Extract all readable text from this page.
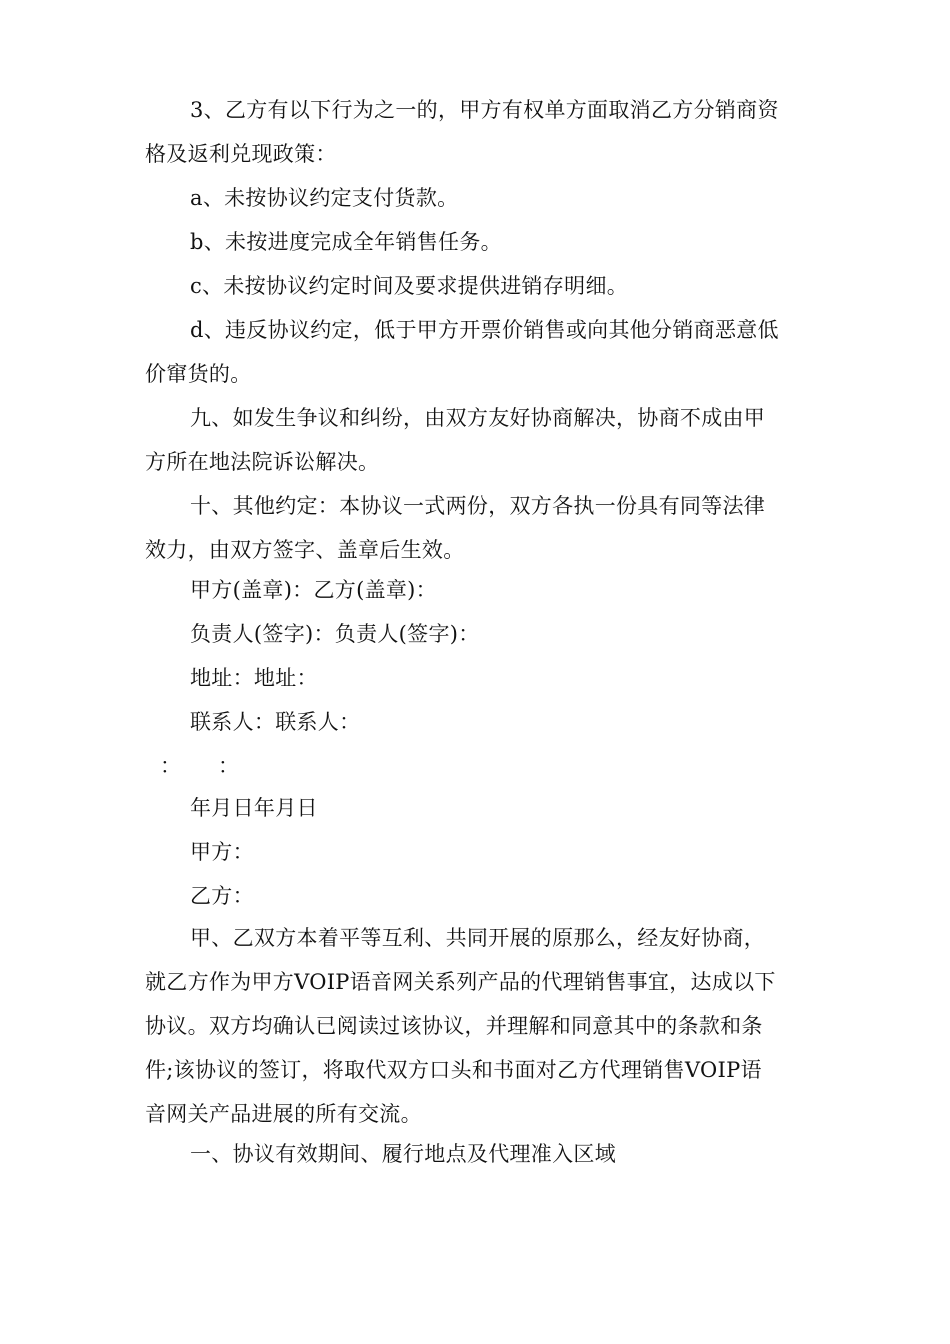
3、乙方有以下行为之一的，甲方有权单方面取消乙方分销商资
格及返利兑现政策：
a、未按协议约定支付货款。
b、未按进度完成全年销售任务。
c、未按协议约定时间及要求提供进销存明细。
d、违反协议约定，低于甲方开票价销售或向其他分销商恶意低
价窜货的。
九、如发生争议和纠纷，由双方友好协商解决，协商不成由甲
方所在地法院诉讼解决。
十、其他约定：本协议一式两份，双方各执一份具有同等法律
效力，由双方签字、盖章后生效。
甲方(盖章)：乙方(盖章)：
负责人(签字)：负责人(签字)：
地址：地址：
联系人：联系人：
：	：
年月日年月日
甲方：
乙方：
甲、乙双方本着平等互利、共同开展的原那么，经友好协商，
就乙方作为甲方VOIP语音网关系列产品的代理销售事宜，达成以下
协议。双方均确认已阅读过该协议，并理解和同意其中的条款和条
件;该协议的签订，将取代双方口头和书面对乙方代理销售VOIP语
音网关产品进展的所有交流。
一、协议有效期间、履行地点及代理准入区域
